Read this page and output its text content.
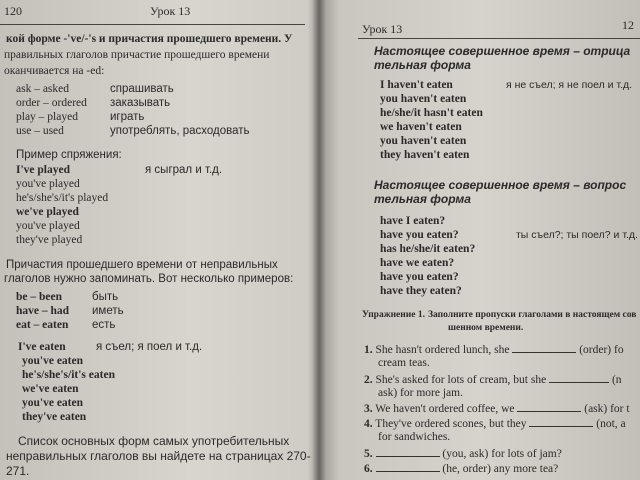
120	Урок 13
кой форме -'ve/-'s и причастия прошедшего времени. У
правильных глаголов причастие прошедшего времени
оканчивается на -ed:
ask – asked	спрашивать
order – ordered заказывать
play – played	играть
use – used	употреблять, расходовать
Пример спряжения:
I've played	я сыграл и т.д.
you've played
he's/she's/it's played
we've played
you've played
they've played
Причастия прошедшего времени от неправильных
глаголов нужно запоминать. Вот несколько примеров:
be – been	быть
have – had иметь
eat – eaten есть
I've eaten	я съел; я поел и т.д.
you've eaten
he's/she's/it's eaten
we've eaten
you've eaten
they've eaten
Список основных форм самых употребительных
неправильных глаголов вы найдете на страницах 270-
271.
Урок 13	12
Настоящее совершенное время – отрица
тельная форма
I haven't eaten	я не съел; я не поел и т.д.
you haven't eaten
he/she/it hasn't eaten
we haven't eaten
you haven't eaten
they haven't eaten
Настоящее совершенное время – вопрос
тельная форма
have I eaten?
have you eaten?	ты съел?; ты поел? и т.д.
has he/she/it eaten?
have we eaten?
have you eaten?
have they eaten?
Упражнение 1. Заполните пропуски глаголами в настоящем сов
шенном времени.
1. She hasn't ordered lunch, she	(order) fo
cream teas.
2. She's asked for lots of cream, but she	(n
ask) for more jam.
3. We haven't ordered coffee, we	(ask) for t
4. They've ordered scones, but they	(not, a
for sandwiches.
5.	(you, ask) for lots of jam?
6.	(he, order) any more tea?
